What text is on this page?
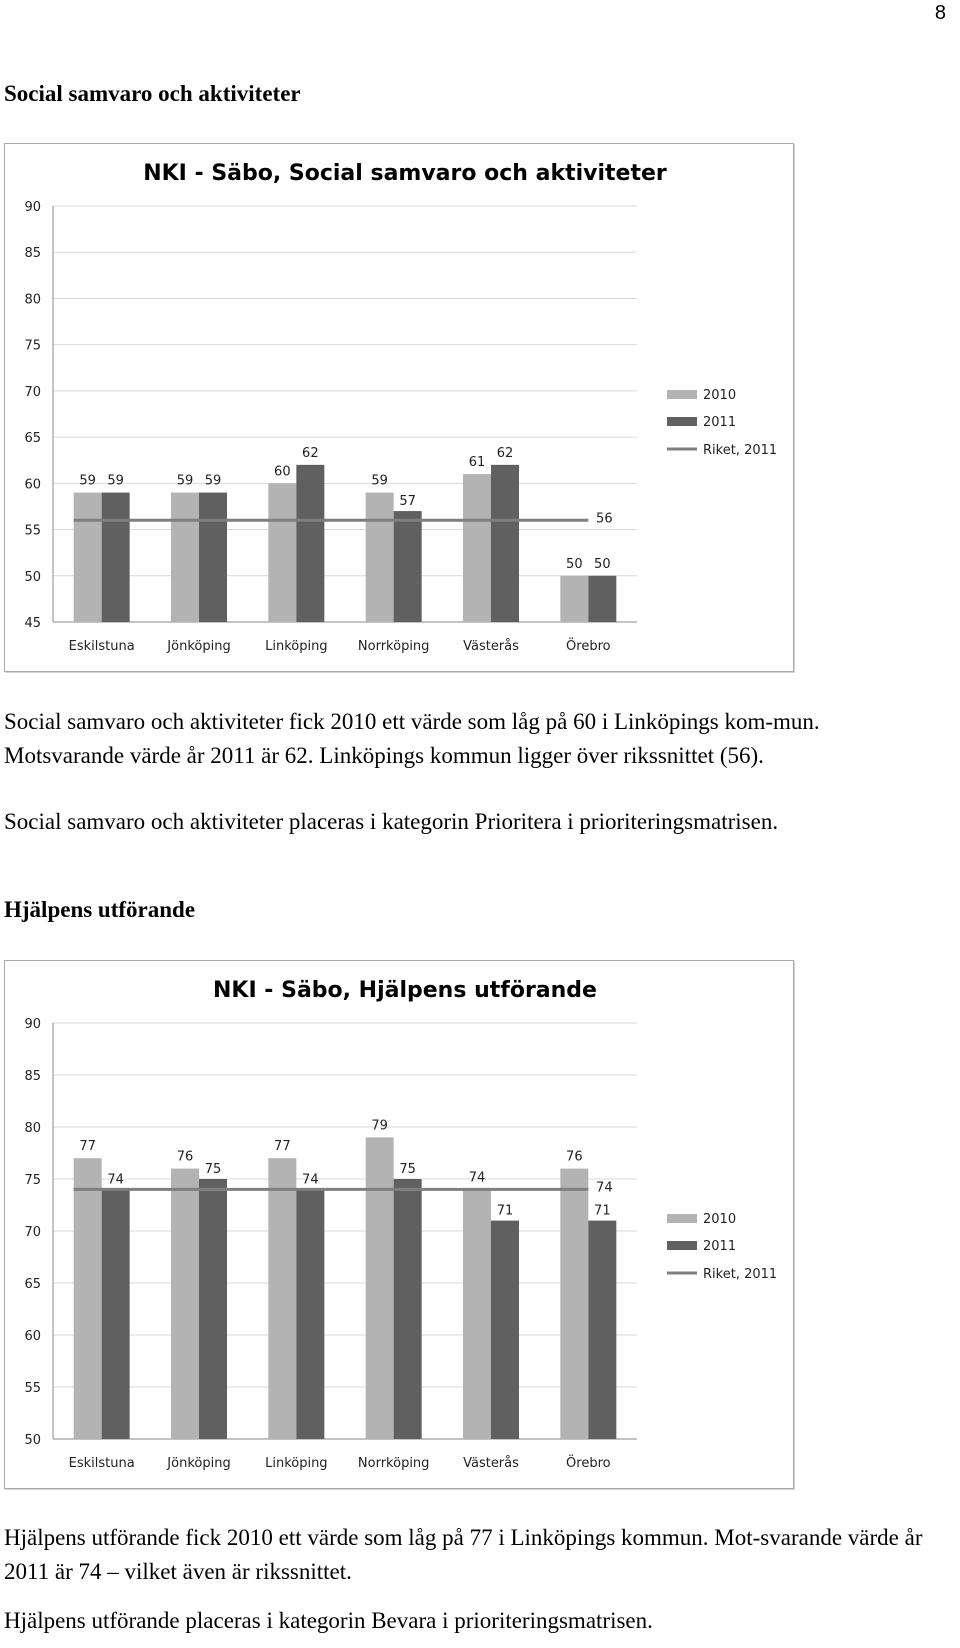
8
Social samvaro och aktiviteter
NKI - Säbo, Social samvaro och aktiviteter
45
50
55
60
65
70
75
80
85
90
59 59
Eskilstuna
59 59
Jönköping
60
62
Linköping
59
57
Norrköping
61
62
Västerås
50 50
Örebro
56
2010
2011
Riket, 2011

Social samvaro och aktiviteter fick 2010 ett värde som låg på 60 i Linköpings kom-mun. Motsvarande värde år 2011 är 62. Linköpings kommun ligger över rikssnittet (56).

Social samvaro och aktiviteter placeras i kategorin Prioritera i prioriteringsmatrisen.

Hjälpens utförande
NKI - Säbo, Hjälpens utförande
50
55
60
65
70
75
80
85
90
77
74
Eskilstuna
76
75
Jönköping
77
74
Linköping
79
75
Norrköping
74
71
Västerås
76
71
Örebro
74
2010
2011
Riket, 2011

Hjälpens utförande fick 2010 ett värde som låg på 77 i Linköpings kommun. Mot-svarande värde år 2011 är 74 – vilket även är rikssnittet.

Hjälpens utförande placeras i kategorin Bevara i prioriteringsmatrisen.
